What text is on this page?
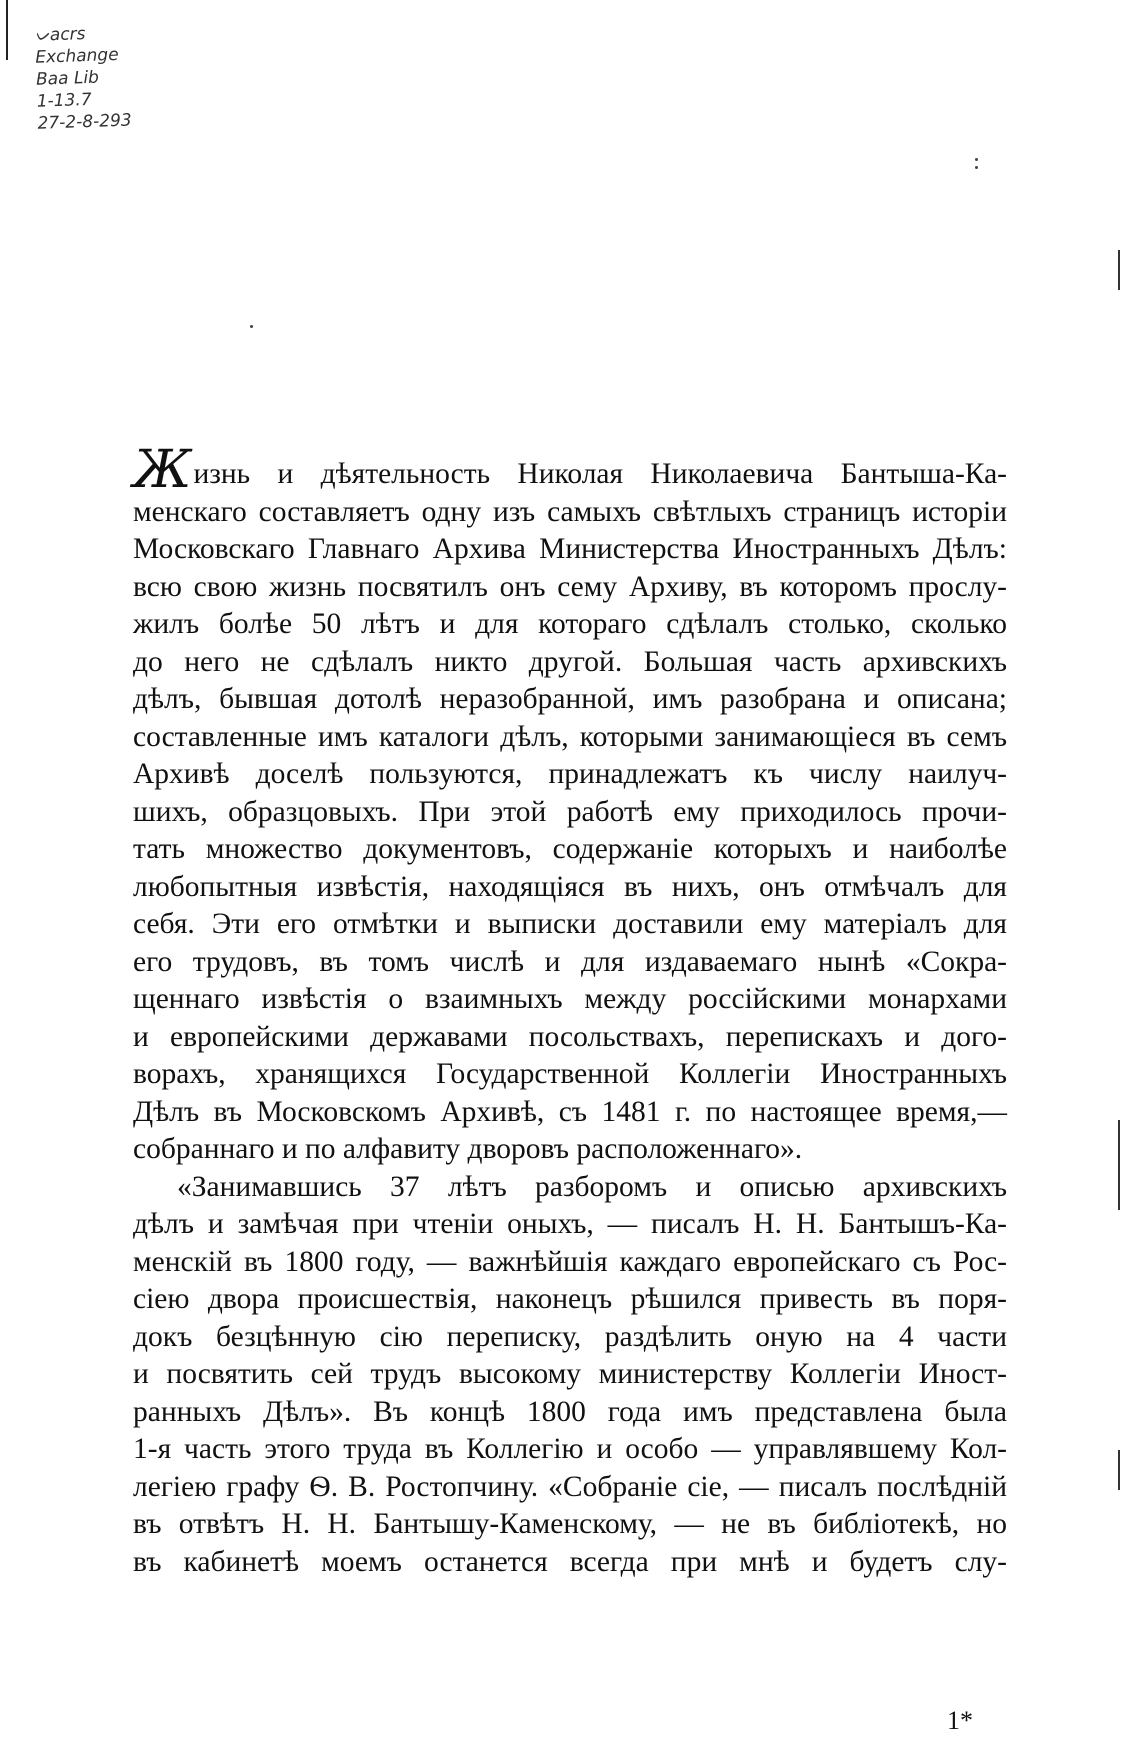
ᨆacrs
Exchange
Baa Lib
1-13.7
27-2-8-293
Жизнь и дѣятельность Николая Николаевича Бантыша-Ка-
менскаго составляетъ одну изъ самыхъ свѣтлыхъ страницъ исторіи
Московскаго Главнаго Архива Министерства Иностранныхъ Дѣлъ:
всю свою жизнь посвятилъ онъ сему Архиву, въ которомъ прослу-
жилъ болѣе 50 лѣтъ и для котораго сдѣлалъ столько, сколько
до него не сдѣлалъ никто другой. Большая часть архивскихъ
дѣлъ, бывшая дотолѣ неразобранной, имъ разобрана и описана;
составленные имъ каталоги дѣлъ, которыми занимающіеся въ семъ
Архивѣ доселѣ пользуются, принадлежатъ къ числу наилуч-
шихъ, образцовыхъ. При этой работѣ ему приходилось прочи-
тать множество документовъ, содержаніе которыхъ и наиболѣе
любопытныя извѣстія, находящіяся въ нихъ, онъ отмѣчалъ для
себя. Эти его отмѣтки и выписки доставили ему матеріалъ для
его трудовъ, въ томъ числѣ и для издаваемаго нынѣ «Сокра-
щеннаго извѣстія о взаимныхъ между россійскими монархами
и европейскими державами посольствахъ, перепискахъ и дого-
ворахъ, хранящихся Государственной Коллегіи Иностранныхъ
Дѣлъ въ Московскомъ Архивѣ, съ 1481 г. по настоящее время,—
собраннаго и по алфавиту дворовъ расположеннаго».
«Занимавшись 37 лѣтъ разборомъ и описью архивскихъ
дѣлъ и замѣчая при чтеніи оныхъ, — писалъ Н. Н. Бантышъ-Ка-
менскій въ 1800 году, — важнѣйшія каждаго европейскаго съ Рос-
сіею двора происшествія, наконецъ рѣшился привесть въ поря-
докъ безцѣнную сію переписку, раздѣлить оную на 4 части
и посвятить сей трудъ высокому министерству Коллегіи Иност-
ранныхъ Дѣлъ». Въ концѣ 1800 года имъ представлена была
1-я часть этого труда въ Коллегію и особо — управлявшему Кол-
легіею графу Ѳ. В. Ростопчину. «Собраніе сіе, — писалъ послѣдній
въ отвѣтъ Н. Н. Бантышу-Каменскому, — не въ библіотекѣ, но
въ кабинетѣ моемъ останется всегда при мнѣ и будетъ слу-
1*
